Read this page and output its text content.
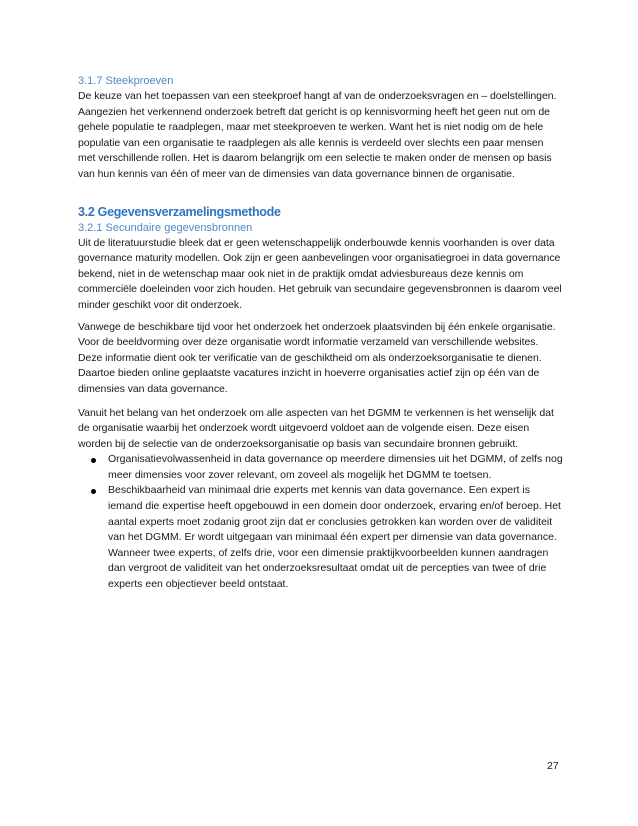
3.1.7 Steekproeven

De keuze van het toepassen van een steekproef hangt af van de onderzoeksvragen en – doelstellingen. Aangezien het verkennend onderzoek betreft dat gericht is op kennisvorming heeft het geen nut om de gehele populatie te raadplegen, maar met steekproeven te werken. Want het is niet nodig om de hele populatie van een organisatie te raadplegen als alle kennis is verdeeld over slechts een paar mensen met verschillende rollen. Het is daarom belangrijk om een selectie te maken onder de mensen op basis van hun kennis van één of meer van de dimensies van data governance binnen de organisatie.

3.2 Gegevensverzamelingsmethode
3.2.1 Secundaire gegevensbronnen

Uit de literatuurstudie bleek dat er geen wetenschappelijk onderbouwde kennis voorhanden is over data governance maturity modellen. Ook zijn er geen aanbevelingen voor organisatiegroei in data governance bekend, niet in de wetenschap maar ook niet in de praktijk omdat adviesbureaus deze kennis om commerciële doeleinden voor zich houden. Het gebruik van secundaire gegevensbronnen is daarom veel minder geschikt voor dit onderzoek.

Vanwege de beschikbare tijd voor het onderzoek het onderzoek plaatsvinden bij één enkele organisatie. Voor de beeldvorming over deze organisatie wordt informatie verzameld van verschillende websites. Deze informatie dient ook ter verificatie van de geschiktheid om als onderzoeksorganisatie te dienen. Daartoe bieden online geplaatste vacatures inzicht in hoeverre organisaties actief zijn op één van de dimensies van data governance.

Vanuit het belang van het onderzoek om alle aspecten van het DGMM te verkennen is het wenselijk dat de organisatie waarbij het onderzoek wordt uitgevoerd voldoet aan de volgende eisen. Deze eisen worden bij de selectie van de onderzoeksorganisatie op basis van secundaire bronnen gebruikt.

Organisatievolwassenheid in data governance op meerdere dimensies uit het DGMM, of zelfs nog meer dimensies voor zover relevant, om zoveel als mogelijk het DGMM te toetsen.
Beschikbaarheid van minimaal drie experts met kennis van data governance. Een expert is iemand die expertise heeft opgebouwd in een domein door onderzoek, ervaring en/of beroep. Het aantal experts moet zodanig groot zijn dat er conclusies getrokken kan worden over de validiteit van het DGMM. Er wordt uitgegaan van minimaal één expert per dimensie van data governance. Wanneer twee experts, of zelfs drie, voor een dimensie praktijkvoorbeelden kunnen aandragen dan vergroot de validiteit van het onderzoeksresultaat omdat uit de percepties van twee of drie experts een objectiever beeld ontstaat.
27
